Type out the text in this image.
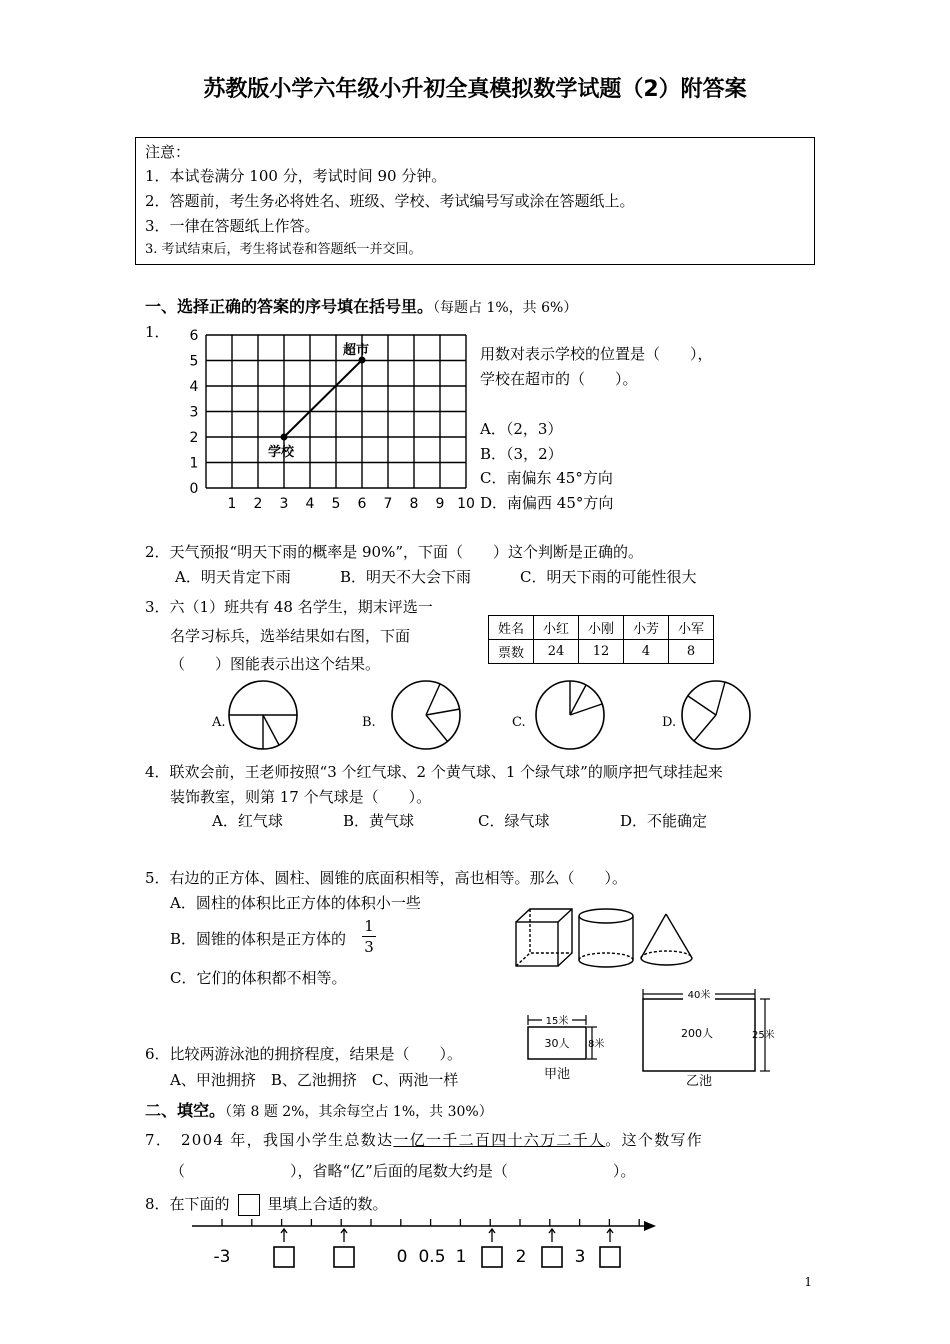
苏教版小学六年级小升初全真模拟数学试题（2）附答案
注意：
1．本试卷满分 100 分，考试时间 90 分钟。
2．答题前，考生务必将姓名、班级、学校、考试编号写或涂在答题纸上。
3．一律在答题纸上作答。
3. 考试结束后，考生将试卷和答题纸一并交回。
一、选择正确的答案的序号填在括号里。（每题占 1%，共 6%）
1．
0
1
2
3
4
5
6
1 2 3 4 5 6 7 8 9 10
学校
超市	用数对表示学校的位置是（　　），
学校在超市的（　　）。
A．（2，3）
B．（3，2）
C．南偏东 45°方向
D．南偏西 45°方向
2．天气预报“明天下雨的概率是 90%”，下面（　　）这个判断是正确的。
A．明天肯定下雨	B．明天不大会下雨	C．明天下雨的可能性很大
3．六（1）班共有 48 名学生，期末评选一
名学习标兵，选举结果如右图，下面
（　　）图能表示出这个结果。
姓名	小红	小刚	小芳	小军
票数	24	12	4	8
A.	B.	C.	D.
4．联欢会前，王老师按照“3 个红气球、2 个黄气球、1 个绿气球”的顺序把气球挂起来
装饰教室，则第 17 个气球是（　　）。
A．红气球	B．黄气球	C．绿气球	D．不能确定
5．右边的正方体、圆柱、圆锥的底面积相等，高也相等。那么（　　）。
A．圆柱的体积比正方体的体积小一些
B．圆锥的体积是正方体的 $\frac{1}{3}$
C．它们的体积都不相等。
40米
25米
200人
乙池
15米
8米
30人
甲池
6．比较两游泳池的拥挤程度，结果是（　　）。
A、甲池拥挤　B、乙池拥挤　C、两池一样
二、填空。（第 8 题 2%，其余每空占 1%，共 30%）
7．　2004 年，我国小学生总数达一亿一千二百四十六万二千人。这个数写作
（　　　　　　　），省略“亿”后面的尾数大约是（　　　　　　　）。
8．在下面的	里填上合适的数。
-3	0 0.5 1	2	3
1
